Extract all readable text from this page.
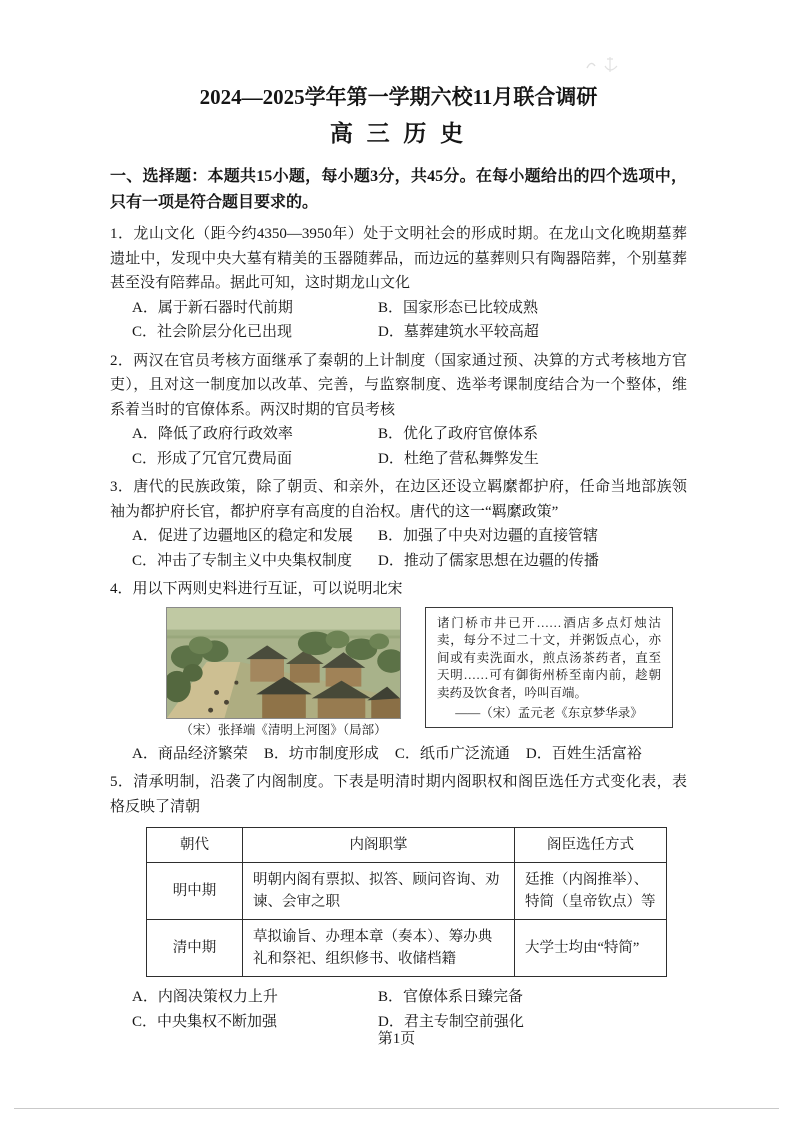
2024—2025学年第一学期六校11月联合调研
高 三 历 史

一、选择题：本题共15小题，每小题3分，共45分。在每小题给出的四个选项中，只有一项是符合题目要求的。

1．龙山文化（距今约4350—3950年）处于文明社会的形成时期。在龙山文化晚期墓葬遗址中，发现中央大墓有精美的玉器随葬品，而边远的墓葬则只有陶器陪葬，个别墓葬甚至没有陪葬品。据此可知，这时期龙山文化

A．属于新石器时代前期	B．国家形态已比较成熟
C．社会阶层分化已出现	D．墓葬建筑水平较高超

2．两汉在官员考核方面继承了秦朝的上计制度（国家通过预、决算的方式考核地方官吏），且对这一制度加以改革、完善，与监察制度、选举考课制度结合为一个整体，维系着当时的官僚体系。两汉时期的官员考核

A．降低了政府行政效率	B．优化了政府官僚体系
C．形成了冗官冗费局面	D．杜绝了营私舞弊发生

3．唐代的民族政策，除了朝贡、和亲外，在边区还设立羁縻都护府，任命当地部族领袖为都护府长官，都护府享有高度的自治权。唐代的这一“羁縻政策”

A．促进了边疆地区的稳定和发展	B．加强了中央对边疆的直接管辖
C．冲击了专制主义中央集权制度	D．推动了儒家思想在边疆的传播

4．用以下两则史料进行互证，可以说明北宋

（宋）张择端《清明上河图》（局部）

诸门桥市井已开……酒店多点灯烛沽卖，每分不过二十文，并粥饭点心，亦间或有卖洗面水，煎点汤茶药者，直至天明……可有御街州桥至南内前，趁朝卖药及饮食者，吟叫百端。

——（宋）孟元老《东京梦华录》

A．商品经济繁荣 B．坊市制度形成 C．纸币广泛流通 D．百姓生活富裕

5．清承明制，沿袭了内阁制度。下表是明清时期内阁职权和阁臣选任方式变化表，表格反映了清朝

朝代	内阁职掌	阁臣选任方式
明中期	明朝内阁有票拟、拟答、顾问咨询、劝谏、会审之职	廷推（内阁推举）、特简（皇帝钦点）等
清中期	草拟谕旨、办理本章（奏本）、筹办典礼和祭祀、组织修书、收储档籍	大学士均由“特简”
A．内阁决策权力上升	B．官僚体系日臻完备
C．中央集权不断加强	D．君主专制空前强化

第1页
